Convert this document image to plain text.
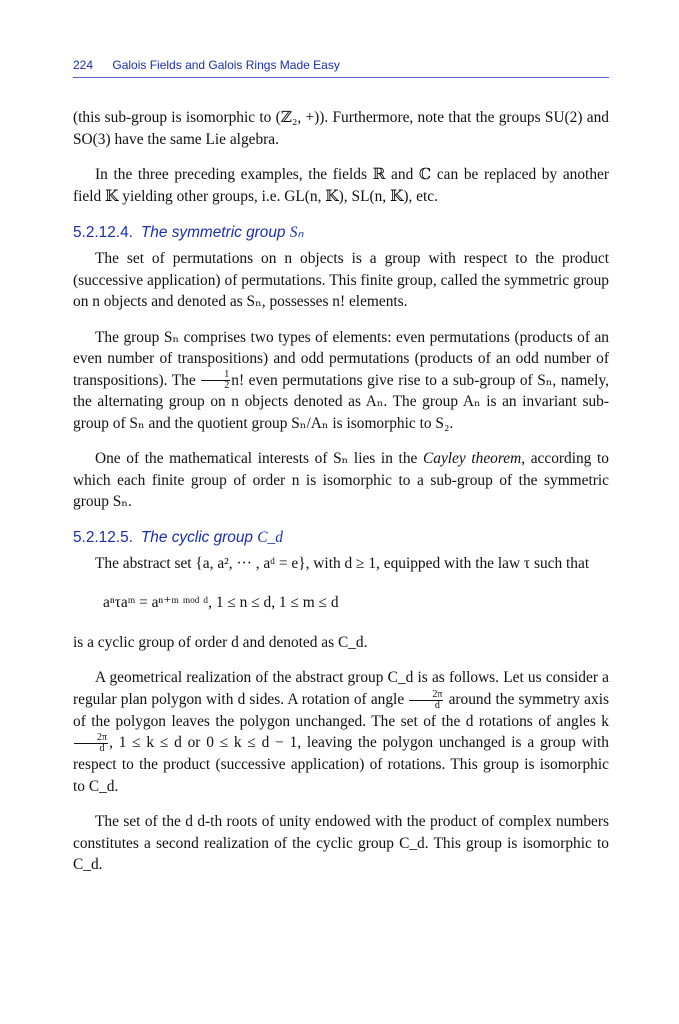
224 Galois Fields and Galois Rings Made Easy

(this sub-group is isomorphic to (ℤ₂, +)). Furthermore, note that the groups SU(2) and SO(3) have the same Lie algebra.

In the three preceding examples, the fields ℝ and ℂ can be replaced by another field 𝕂 yielding other groups, i.e. GL(n, 𝕂), SL(n, 𝕂), etc.

5.2.12.4. The symmetric group Sₙ

The set of permutations on n objects is a group with respect to the product (successive application) of permutations. This finite group, called the symmetric group on n objects and denoted as Sₙ, possesses n! elements.

The group Sₙ comprises two types of elements: even permutations (products of an even number of transpositions) and odd permutations (products of an odd number of transpositions). The $\frac{1}{2} n$! even permutations give rise to a sub-group of Sₙ, namely, the alternating group on n objects denoted as Aₙ. The group Aₙ is an invariant sub-group of Sₙ and the quotient group Sₙ/Aₙ is isomorphic to S₂.

One of the mathematical interests of Sₙ lies in the Cayley theorem, according to which each finite group of order n is isomorphic to a sub-group of the symmetric group Sₙ.

5.2.12.5. The cyclic group C_d

The abstract set {a, a², ··· , aᵈ = e}, with d ≥ 1, equipped with the law τ such that

aⁿτaᵐ = aⁿ⁺ᵐ ᵐᵒᵈ ᵈ, 1 ≤ n ≤ d, 1 ≤ m ≤ d

is a cyclic group of order d and denoted as C_d.

A geometrical realization of the abstract group C_d is as follows. Let us consider a regular plan polygon with d sides. A rotation of angle $\frac{2\pi}{d}$ around the symmetry axis of the polygon leaves the polygon unchanged. The set of the d rotations of angles k
$\frac{2\pi}{d}$ , 1 ≤ k ≤ d or 0 ≤ k ≤ d − 1, leaving the polygon unchanged is a group with respect to the product (successive application) of rotations. This group is isomorphic to C_d.

The set of the d d-th roots of unity endowed with the product of complex numbers constitutes a second realization of the cyclic group C_d. This group is isomorphic to C_d.
